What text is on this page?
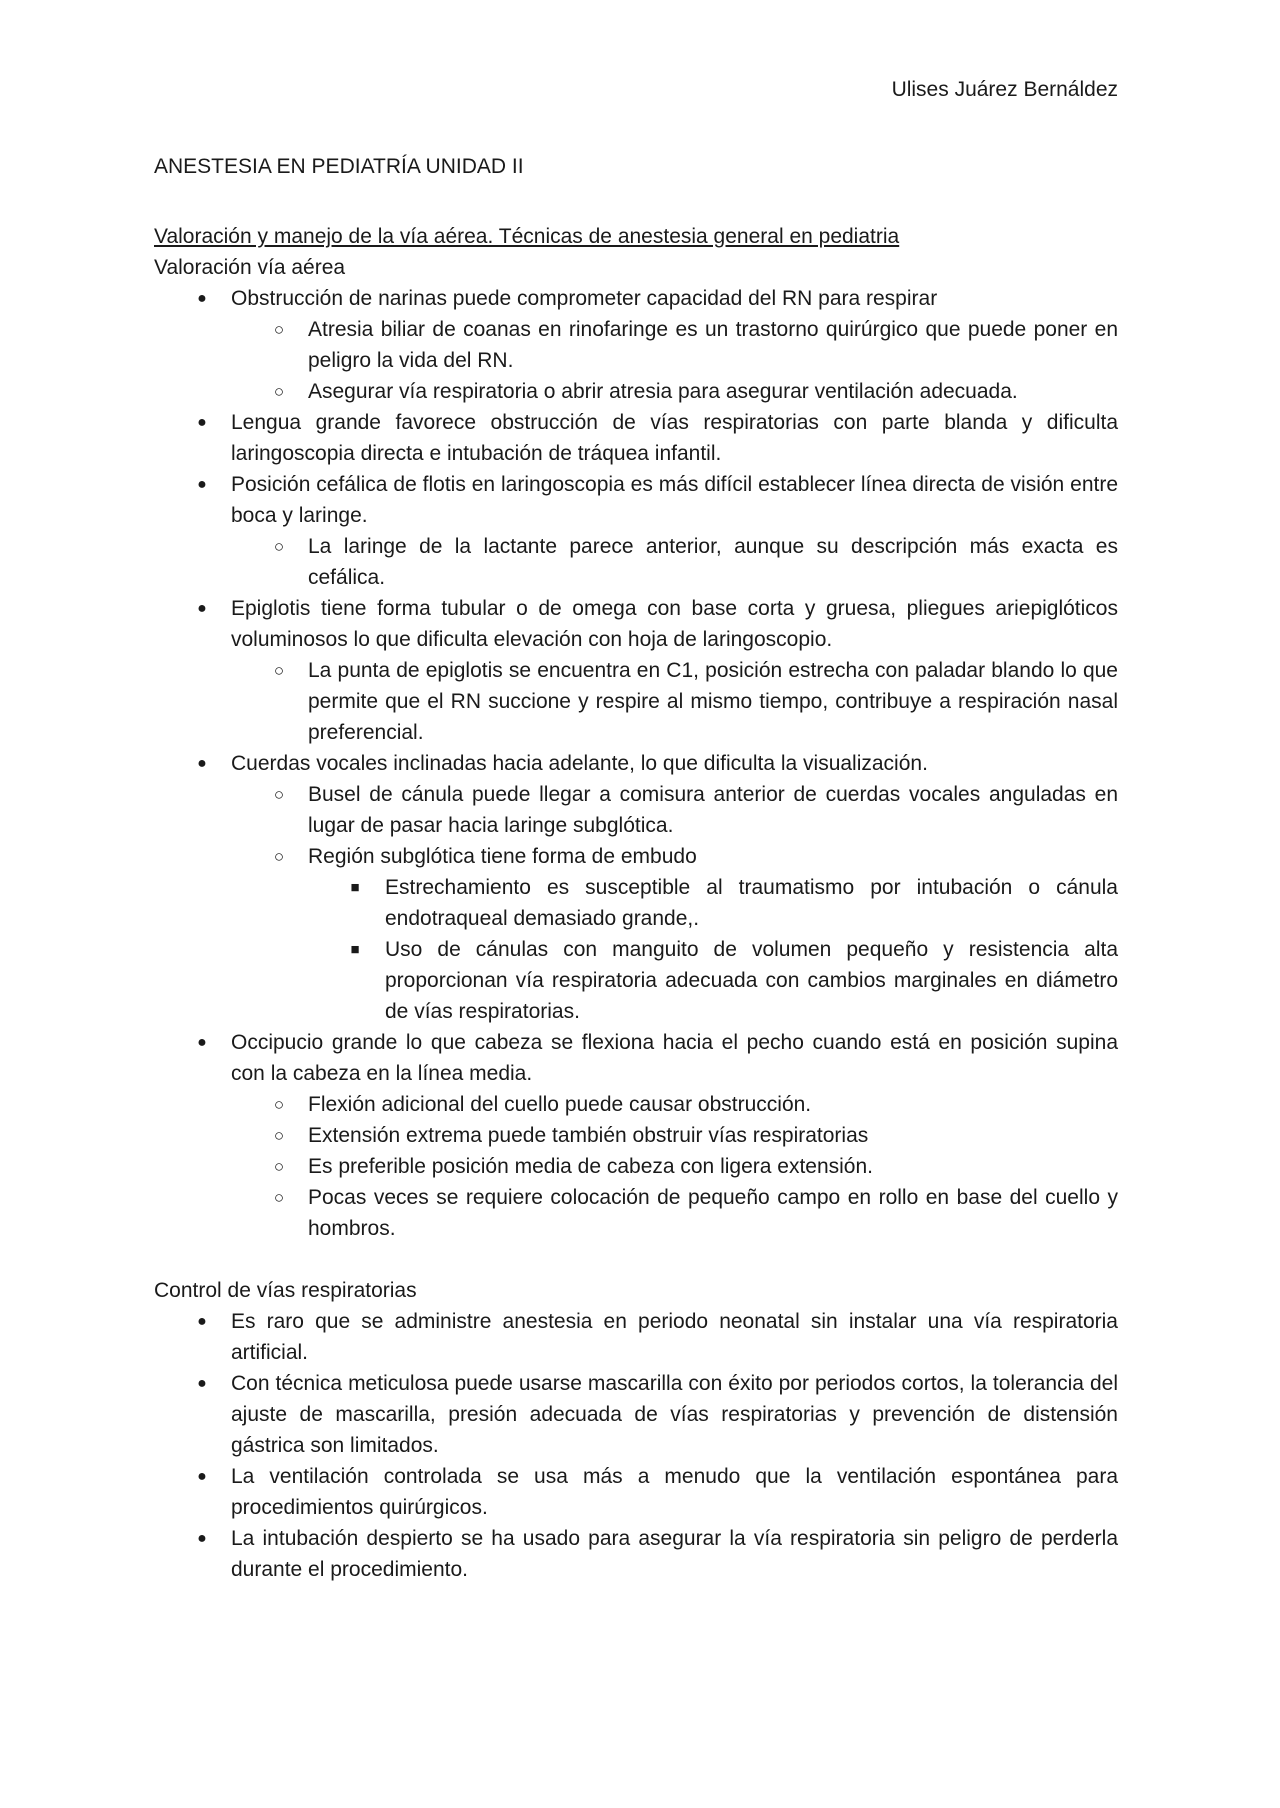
Ulises Juárez Bernáldez
ANESTESIA EN PEDIATRÍA UNIDAD II
Valoración y manejo de la vía aérea. Técnicas de anestesia general en pediatria
Valoración vía aérea
●	Obstrucción de narinas puede comprometer capacidad del RN para respirar
○	Atresia biliar de coanas en rinofaringe es un trastorno quirúrgico que puede poner en peligro la vida del RN.
○	Asegurar vía respiratoria o abrir atresia para asegurar ventilación adecuada.
●	Lengua grande favorece obstrucción de vías respiratorias con parte blanda y dificulta laringoscopia directa e intubación de tráquea infantil.
●	Posición cefálica de flotis en laringoscopia es más difícil establecer línea directa de visión entre boca y laringe.
○	La laringe de la lactante parece anterior, aunque su descripción más exacta es cefálica.
●	Epiglotis tiene forma tubular o de omega con base corta y gruesa, pliegues ariepiglóticos voluminosos lo que dificulta elevación con hoja de laringoscopio.
○	La punta de epiglotis se encuentra en C1, posición estrecha con paladar blando lo que permite que el RN succione y respire al mismo tiempo, contribuye a respiración nasal preferencial.
●	Cuerdas vocales inclinadas hacia adelante, lo que dificulta la visualización.
○	Busel de cánula puede llegar a comisura anterior de cuerdas vocales anguladas en lugar de pasar hacia laringe subglótica.
○	Región subglótica tiene forma de embudo
■	Estrechamiento es susceptible al traumatismo por intubación o cánula endotraqueal demasiado grande,.
■	Uso de cánulas con manguito de volumen pequeño y resistencia alta proporcionan vía respiratoria adecuada con cambios marginales en diámetro de vías respiratorias.
●	Occipucio grande lo que cabeza se flexiona hacia el pecho cuando está en posición supina con la cabeza en la línea media.
○	Flexión adicional del cuello puede causar obstrucción.
○	Extensión extrema puede también obstruir vías respiratorias
○	Es preferible posición media de cabeza con ligera extensión.
○	Pocas veces se requiere colocación de pequeño campo en rollo en base del cuello y hombros.
Control de vías respiratorias
●	Es raro que se administre anestesia en periodo neonatal sin instalar una vía respiratoria artificial.
●	Con técnica meticulosa puede usarse mascarilla con éxito por periodos cortos, la tolerancia del ajuste de mascarilla, presión adecuada de vías respiratorias y prevención de distensión gástrica son limitados.
●	La ventilación controlada se usa más a menudo que la ventilación espontánea para procedimientos quirúrgicos.
●	La intubación despierto se ha usado para asegurar la vía respiratoria sin peligro de perderla durante el procedimiento.
